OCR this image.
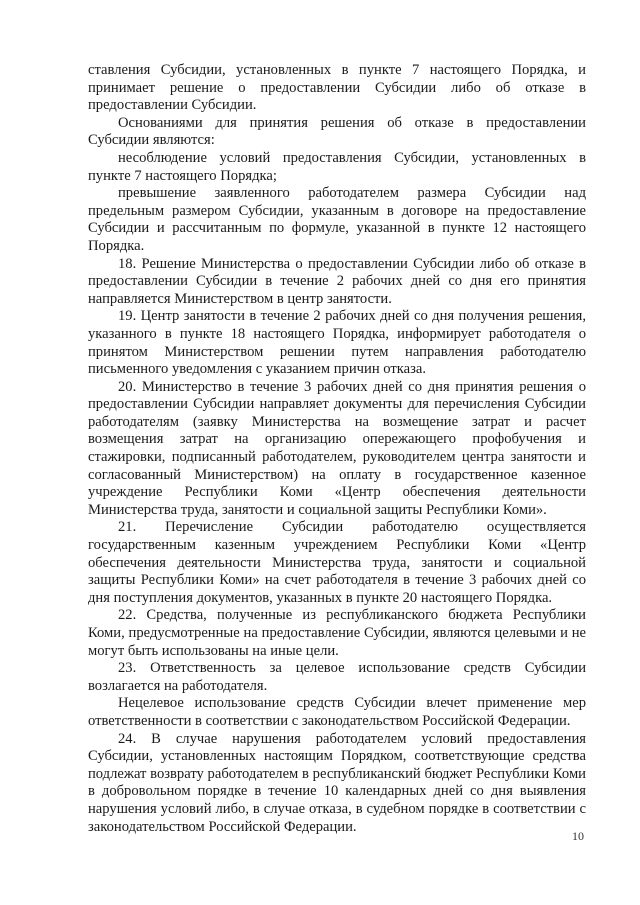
ставления Субсидии, установленных в пункте 7 настоящего Порядка, и принимает решение о предоставлении Субсидии либо об отказе в предоставлении Субсидии.

Основаниями для принятия решения об отказе в предоставлении Субсидии являются:

несоблюдение условий предоставления Субсидии, установленных в пункте 7 настоящего Порядка;

превышение заявленного работодателем размера Субсидии над предельным размером Субсидии, указанным в договоре на предоставление Субсидии и рассчитанным по формуле, указанной в пункте 12 настоящего Порядка.

18. Решение Министерства о предоставлении Субсидии либо об отказе в предоставлении Субсидии в течение 2 рабочих дней со дня его принятия направляется Министерством в центр занятости.

19. Центр занятости в течение 2 рабочих дней со дня получения решения, указанного в пункте 18 настоящего Порядка, информирует работодателя о принятом Министерством решении путем направления работодателю письменного уведомления с указанием причин отказа.

20. Министерство в течение 3 рабочих дней со дня принятия решения о предоставлении Субсидии направляет документы для перечисления Субсидии работодателям (заявку Министерства на возмещение затрат и расчет возмещения затрат на организацию опережающего профобучения и стажировки, подписанный работодателем, руководителем центра занятости и согласованный Министерством) на оплату в государственное казенное учреждение Республики Коми «Центр обеспечения деятельности Министерства труда, занятости и социальной защиты Республики Коми».

21. Перечисление Субсидии работодателю осуществляется государственным казенным учреждением Республики Коми «Центр обеспечения деятельности Министерства труда, занятости и социальной защиты Республики Коми» на счет работодателя в течение 3 рабочих дней со дня поступления документов, указанных в пункте 20 настоящего Порядка.

22. Средства, полученные из республиканского бюджета Республики Коми, предусмотренные на предоставление Субсидии, являются целевыми и не могут быть использованы на иные цели.

23. Ответственность за целевое использование средств Субсидии возлагается на работодателя.

Нецелевое использование средств Субсидии влечет применение мер ответственности в соответствии с законодательством Российской Федерации.

24. В случае нарушения работодателем условий предоставления Субсидии, установленных настоящим Порядком, соответствующие средства подлежат возврату работодателем в республиканский бюджет Республики Коми в добровольном порядке в течение 10 календарных дней со дня выявления нарушения условий либо, в случае отказа, в судебном порядке в соответствии с законодательством Российской Федерации.

10
